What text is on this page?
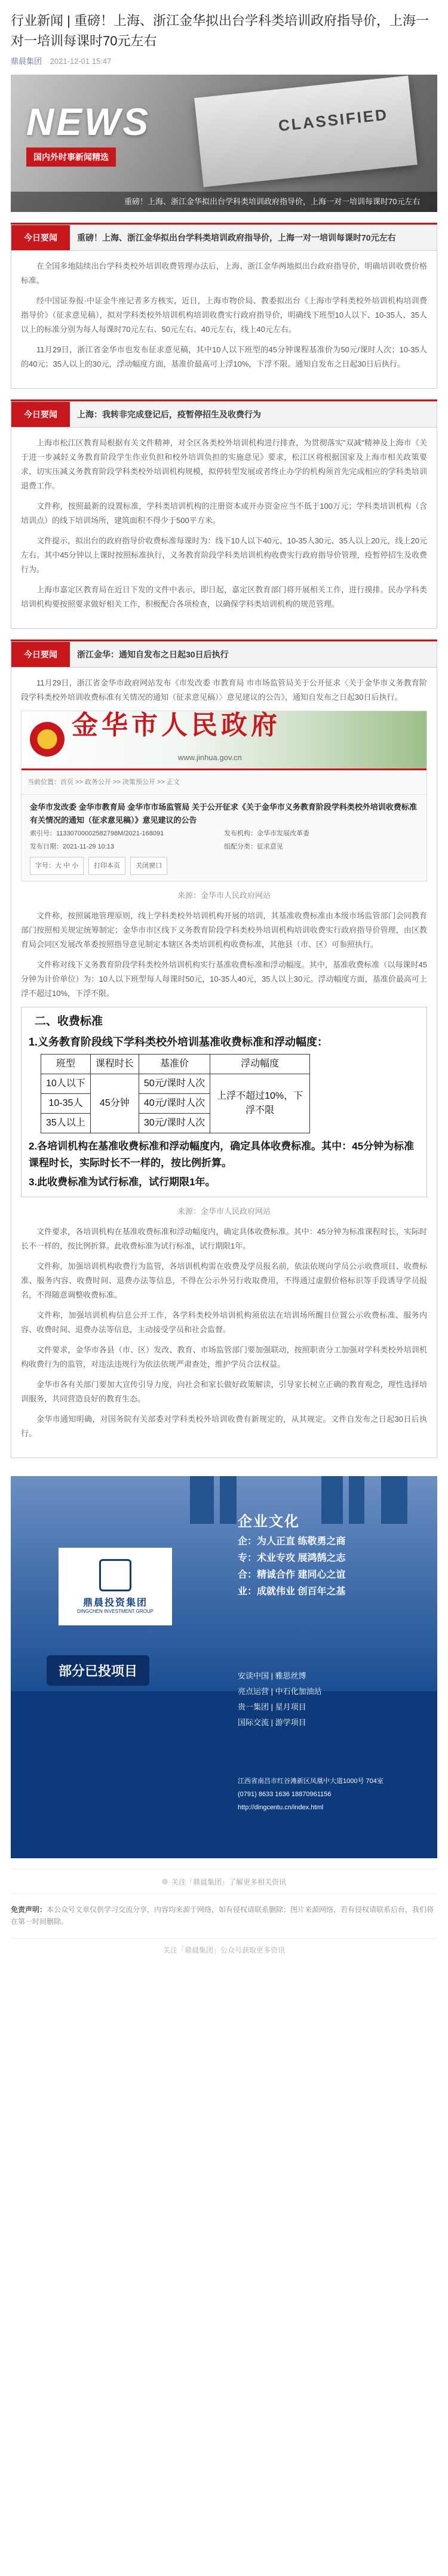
行业新闻 | 重磅！上海、浙江金华拟出台学科类培训政府指导价，上海一对一培训每课时70元左右
鼎晨集团 2021-12-01 15:47
CLASSIFIED
NEWS
国内外时事新闻精选
重磅！上海、浙江金华拟出台学科类培训政府指导价，上海一对一培训每课时70元左右
今日要闻	重磅！上海、浙江金华拟出台学科类培训政府指导价，上海一对一培训每课时70元左右

在全国多地陆续出台学科类校外培训收费管理办法后，上海、浙江金华两地拟出台政府指导价，明确培训收费价格标准。

经中国证券报·中证金牛座记者多方核实，近日，上海市物价局、教委拟出台《上海市学科类校外培训机构培训费指导价》（征求意见稿），拟对学科类校外培训机构培训收费实行政府指导价，明确线下班型10人以下、10-35人、35人以上的标准分别为每人每课时70元左右、50元左右、40元左右，线上40元左右。

11月29日，浙江省金华市也发布征求意见稿，其中10人以下班型的45分钟课程基准价为50元/课时人次；10-35人的40元；35人以上的30元，浮动幅度方面，基准价最高可上浮10%，下浮不限。通知自发布之日起30日后执行。

今日要闻	上海：我转非完成登记后，疫暂停招生及收费行为

上海市松江区教育局根据有关文件精神，对全区各类校外培训机构进行排查，为贯彻落实"双减"精神及上海市《关于进一步减轻义务教育阶段学生作业负担和校外培训负担的实施意见》要求，松江区将根据国家及上海市相关政策要求，切实压减义务教育阶段学科类校外培训机构规模，拟停转型发展或者终止办学的机构须首先完成相应的学科类培训退费工作。

文件称，按照最新的设置标准，学科类培训机构的注册资本或开办资金应当不低于100万元；学科类培训机构（含培训点）的线下培训场所，建筑面积不得少于500平方米。

文件提示，拟出台的政府指导价收费标准每课时为：线下10人以下40元、10-35人30元、35人以上20元，线上20元左右。其中45分钟以上课时按照标准执行，义务教育阶段学科类培训机构收费实行政府指导价管理，疫暂停招生及收费行为。

上海市嘉定区教育局在近日下发的文件中表示，即日起，嘉定区教育部门将开展相关工作，进行摸排。民办学科类培训机构要按照要求做好相关工作，积极配合各项检查，以确保学科类培训机构的规范管理。

今日要闻	浙江金华：通知自发布之日起30日后执行

11月29日，浙江省金华市政府网站发布《市发改委 市教育局 市市场监管局关于公开征求〈关于金华市义务教育阶段学科类校外培训收费标准有关情况的通知（征求意见稿）〉意见建议的公告》，通知自发布之日起30日后执行。

金华市人民政府
www.jinhua.gov.cn
当前位置：首页 >> 政务公开 >> 决策预公开 >> 正文
金华市发改委 金华市教育局 金华市市场监管局 关于公开征求《关于金华市义务教育阶段学科类校外培训收费标准有关情况的通知（征求意见稿）》意见建议的公告
索引号：11330700002582798M/2021-168091	发布机构：金华市发展改革委
发布日期：2021-11-29 10:13	组配分类：征求意见
字号：大 中 小	打印本页	关闭窗口

来源：金华市人民政府网站

文件称，按照属地管理原则，线上学科类校外培训机构开展的培训，其基准收费标准由本级市场监管部门会同教育部门按照相关规定统筹制定；金华市市区线下义务教育阶段学科类校外培训机构培训收费实行政府指导价管理，由区教育局会同区发展改革委按照指导意见制定本辖区各类培训机构收费标准，其他县（市、区）可参照执行。

文件称对线下义务教育阶段学科类校外培训机构实行基准收费标准和浮动幅度。其中，基准收费标准（以每课时45分钟为计价单位）为：10人以下班型每人每课时50元，10-35人40元，35人以上30元。浮动幅度方面，基准价最高可上浮不超过10%，下浮不限。

二、收费标准
1.义务教育阶段线下学科类校外培训基准收费标准和浮动幅度：
班型	课程时长	基准价	浮动幅度
10人以下	45分钟	50元/课时人次	上浮不超过10%，下浮不限
10-35人		40元/课时人次	
35人以上		30元/课时人次	
2.各培训机构在基准收费标准和浮动幅度内，确定具体收费标准。其中：45分钟为标准课程时长，实际时长不一样的，按比例折算。
3.此收费标准为试行标准，试行期限1年。

来源：金华市人民政府网站

文件要求，各培训机构在基准收费标准和浮动幅度内，确定具体收费标准。其中：45分钟为标准课程时长，实际时长不一样的，按比例折算。此收费标准为试行标准，试行期限1年。

文件称，加强培训机构收费行为监管，各培训机构需在收费及学员报名前，依法依规向学员公示收费项目、收费标准、服务内容、收费时间、退费办法等信息，不得在公示外另行收取费用，不得通过虚假价格标识等手段诱导学员报名，不得随意调整收费标准。

文件称，加强培训机构信息公开工作，各学科类校外培训机构须依法在培训场所醒目位置公示收费标准、服务内容、收费时间、退费办法等信息，主动接受学员和社会监督。

文件要求，金华市各县（市、区）发改、教育、市场监管部门要加强联动，按照职责分工加强对学科类校外培训机构收费行为的监管，对违法违规行为依法依规严肃查处，维护学员合法权益。

金华市各有关部门要加大宣传引导力度，向社会和家长做好政策解读，引导家长树立正确的教育观念，理性选择培训服务，共同营造良好的教育生态。

金华市通知明确，对国务院有关部委对学科类校外培训收费有新规定的，从其规定。文件自发布之日起30日后执行。

鼎晨投资集团
DINGCHEN INVESTMENT GROUP
企业文化
企：为人正直 练敬勇之商
专：术业专攻 展鸿鹄之志
合：精诚合作 建同心之谊
业：成就伟业 创百年之基
部分已投项目	安读中国 | 雅思丝博
亮点运营 | 中石化加油站
贵一集团 | 星月项目
国际交流 | 游学项目
江西省南昌市红谷滩新区凤凰中大道1000号 704室
(0791) 8633 1636 18870961156
http://dingcentu.cn/index.html
关注「鼎晨集团」了解更多相关资讯
免责声明：本公众号文章仅供学习交流分享，内容均来源于网络，如有侵权请联系删除；图片来源网络，若有侵权请联系后台，我们将在第一时间删除。
关注「鼎晨集团」公众号获取更多资讯
